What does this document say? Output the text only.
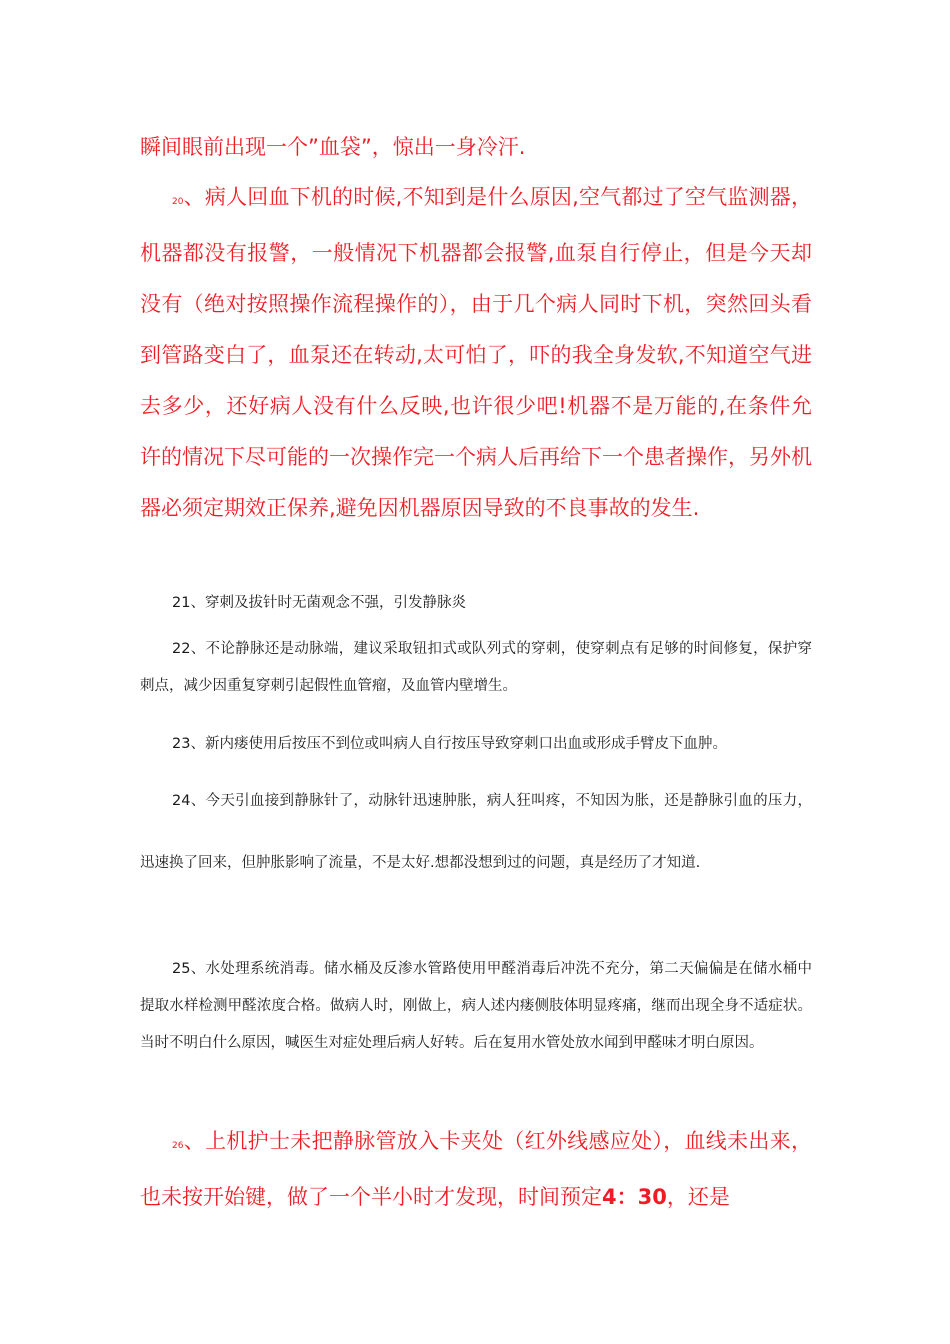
瞬间眼前出现一个”血袋”，惊出一身冷汗.

20、病人回血下机的时候,不知到是什么原因,空气都过了空气监测器，机器都没有报警，一般情况下机器都会报警,血泵自行停止，但是今天却没有（绝对按照操作流程操作的），由于几个病人同时下机，突然回头看到管路变白了，血泵还在转动,太可怕了，吓的我全身发软,不知道空气进去多少，还好病人没有什么反映,也许很少吧!机器不是万能的,在条件允许的情况下尽可能的一次操作完一个病人后再给下一个患者操作，另外机器必须定期效正保养,避免因机器原因导致的不良事故的发生.

21、穿刺及拔针时无菌观念不强，引发静脉炎

22、不论静脉还是动脉端，建议采取钮扣式或队列式的穿刺，使穿刺点有足够的时间修复，保护穿刺点，减少因重复穿刺引起假性血管瘤，及血管内壁增生。

23、新内瘘使用后按压不到位或叫病人自行按压导致穿刺口出血或形成手臂皮下血肿。

24、今天引血接到静脉针了，动脉针迅速肿胀，病人狂叫疼，不知因为胀，还是静脉引血的压力，迅速换了回来，但肿胀影响了流量，不是太好.想都没想到过的问题，真是经历了才知道.

25、水处理系统消毒。储水桶及反渗水管路使用甲醛消毒后冲洗不充分，第二天偏偏是在储水桶中提取水样检测甲醛浓度合格。做病人时，刚做上，病人述内瘘侧肢体明显疼痛，继而出现全身不适症状。当时不明白什么原因，喊医生对症处理后病人好转。后在复用水管处放水闻到甲醛味才明白原因。

26、上机护士未把静脉管放入卡夹处（红外线感应处），血线未出来，也未按开始键，做了一个半小时才发现，时间预定4：30，还是
